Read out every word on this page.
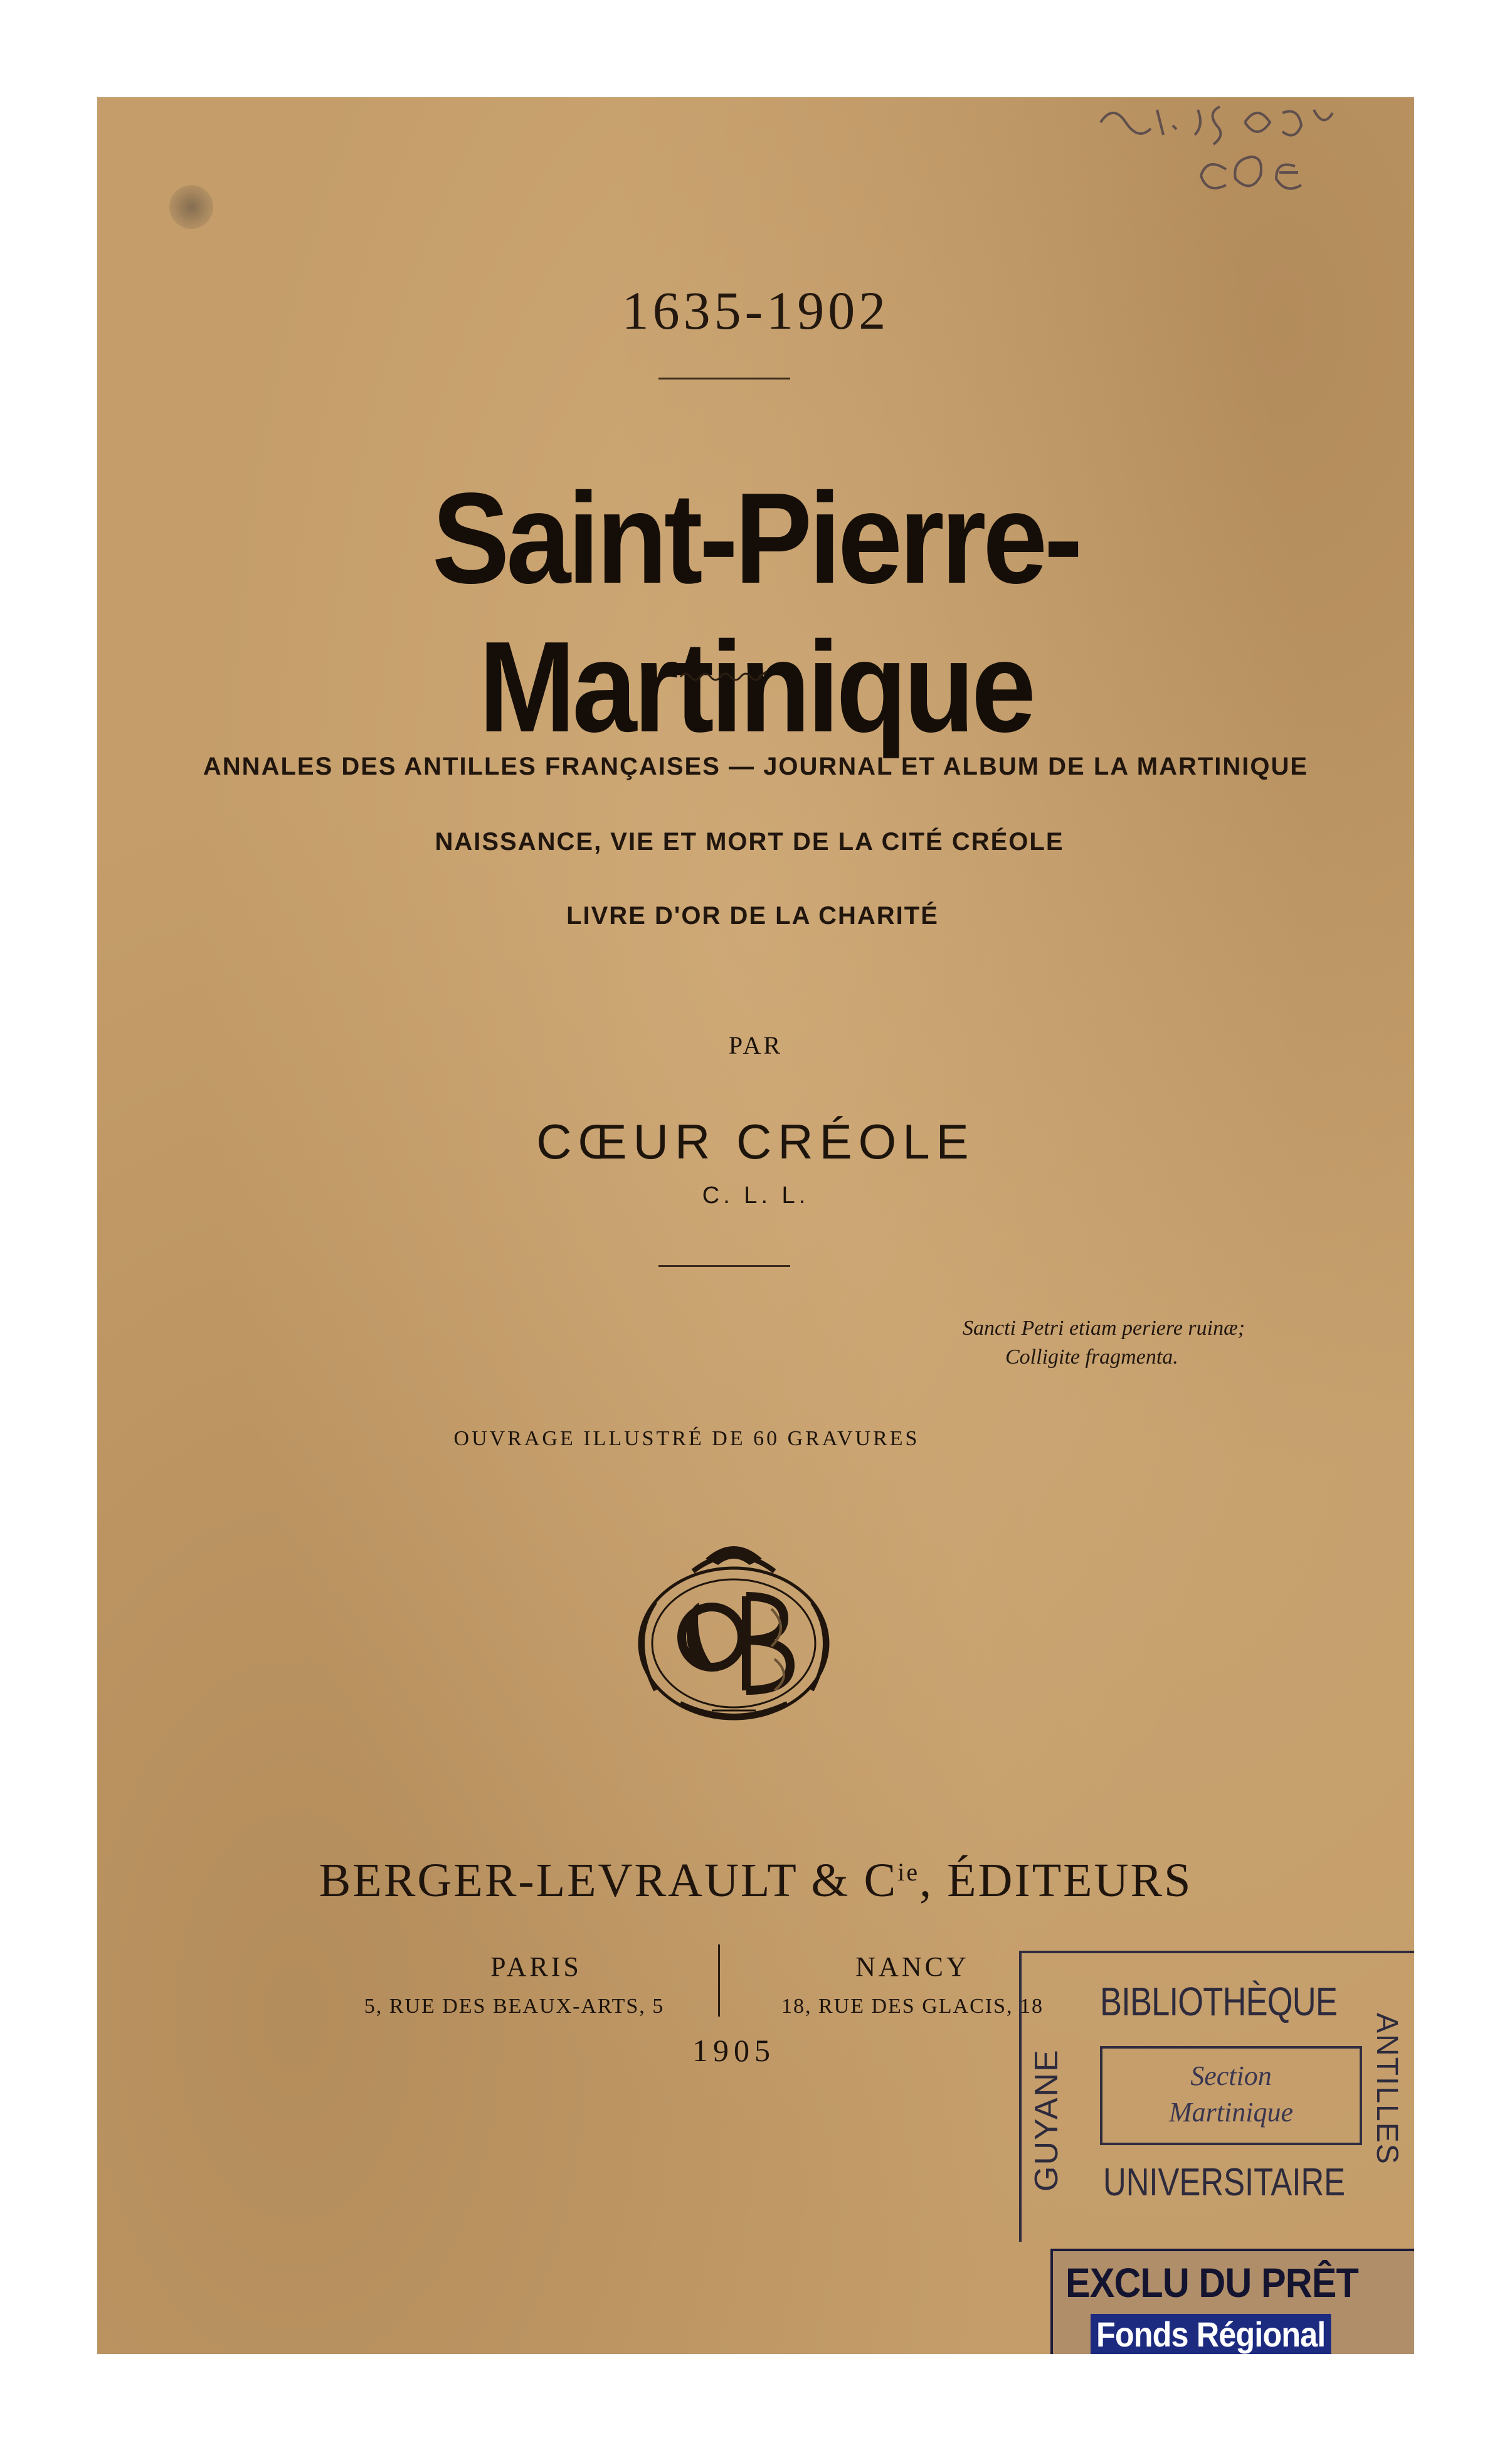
1635-1902
Saint-Pierre-Martinique
ANNALES DES ANTILLES FRANÇAISES — JOURNAL ET ALBUM DE LA MARTINIQUE
NAISSANCE, VIE ET MORT DE LA CITÉ CRÉOLE
LIVRE D'OR DE LA CHARITÉ
PAR
CŒUR CRÉOLE
C. L. L.
Sancti Petri etiam periere ruinæ;
Colligite fragmenta.
OUVRAGE ILLUSTRÉ DE 60 GRAVURES
BERGER-LEVRAULT & $C^{ie}$, ÉDITEURS
PARIS
5, RUE DES BEAUX-ARTS, 5
NANCY
18, RUE DES GLACIS, 18
1905
BIBLIOTHÈQUE
GUYANE	ANTILLES
Section
Martinique
UNIVERSITAIRE
EXCLU DU PRÊT
Fonds Régional
